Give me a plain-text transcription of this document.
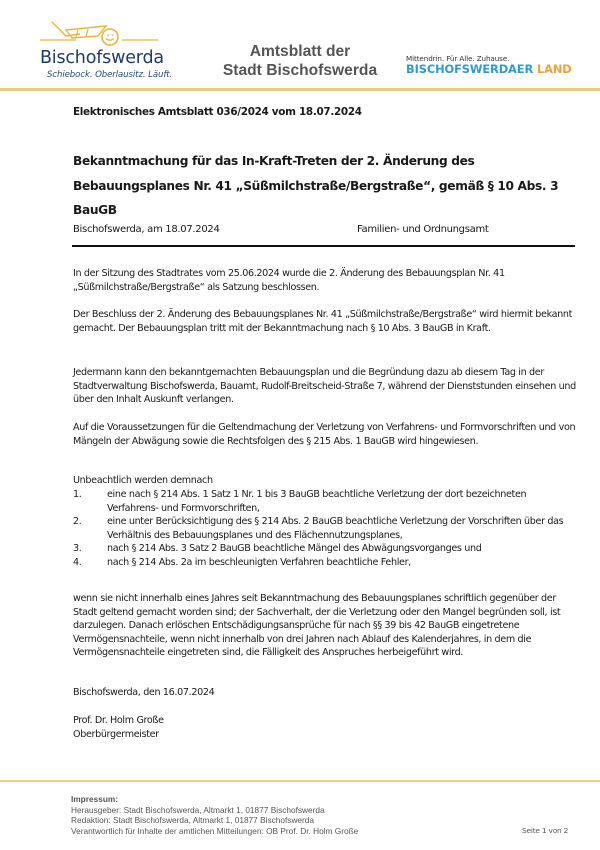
Bischofswerda
Schiebock. Oberlausitz. Läuft.
Amtsblatt der
Stadt Bischofswerda
Mittendrin. Für Alle. Zuhause.
BISCHOFSWERDAER LAND
Elektronisches Amtsblatt 036/2024 vom 18.07.2024
Bekanntmachung für das In-Kraft-Treten der 2. Änderung des Bebauungsplanes Nr. 41 „Süßmilchstraße/Bergstraße“, gemäß § 10 Abs. 3 BauGB
Bischofswerda, am 18.07.2024	Familien- und Ordnungsamt
In der Sitzung des Stadtrates vom 25.06.2024 wurde die 2. Änderung des Bebauungsplan Nr. 41 „Süßmilchstraße/Bergstraße“ als Satzung beschlossen.
Der Beschluss der 2. Änderung des Bebauungsplanes Nr. 41 „Süßmilchstraße/Bergstraße“ wird hiermit bekannt gemacht. Der Bebauungsplan tritt mit der Bekanntmachung nach § 10 Abs. 3 BauGB in Kraft.
Jedermann kann den bekanntgemachten Bebauungsplan und die Begründung dazu ab diesem Tag in der Stadtverwaltung Bischofswerda, Bauamt, Rudolf-Breitscheid-Straße 7, während der Dienststunden einsehen und über den Inhalt Auskunft verlangen.
Auf die Voraussetzungen für die Geltendmachung der Verletzung von Verfahrens- und Formvorschriften und von Mängeln der Abwägung sowie die Rechtsfolgen des § 215 Abs. 1 BauGB wird hingewiesen.
Unbeachtlich werden demnach
1.	eine nach § 214 Abs. 1 Satz 1 Nr. 1 bis 3 BauGB beachtliche Verletzung der dort bezeichneten Verfahrens- und Formvorschriften,
2.	eine unter Berücksichtigung des § 214 Abs. 2 BauGB beachtliche Verletzung der Vorschriften über das Verhältnis des Bebauungsplanes und des Flächennutzungsplanes,
3.	nach § 214 Abs. 3 Satz 2 BauGB beachtliche Mängel des Abwägungsvorganges und
4.	nach § 214 Abs. 2a im beschleunigten Verfahren beachtliche Fehler,
wenn sie nicht innerhalb eines Jahres seit Bekanntmachung des Bebauungsplanes schriftlich gegenüber der Stadt geltend gemacht worden sind; der Sachverhalt, der die Verletzung oder den Mangel begründen soll, ist darzulegen. Danach erlöschen Entschädigungsansprüche für nach §§ 39 bis 42 BauGB eingetretene Vermögensnachteile, wenn nicht innerhalb von drei Jahren nach Ablauf des Kalenderjahres, in dem die Vermögensnachteile eingetreten sind, die Fälligkeit des Anspruches herbeigeführt wird.
Bischofswerda, den 16.07.2024
Prof. Dr. Holm Große
Oberbürgermeister
Impressum:
Herausgeber: Stadt Bischofswerda, Altmarkt 1, 01877 Bischofswerda
Redaktion: Stadt Bischofswerda, Altmarkt 1, 01877 Bischofswerda
Verantwortlich für Inhalte der amtlichen Mitteilungen: OB Prof. Dr. Holm Große	Seite 1 von 2
